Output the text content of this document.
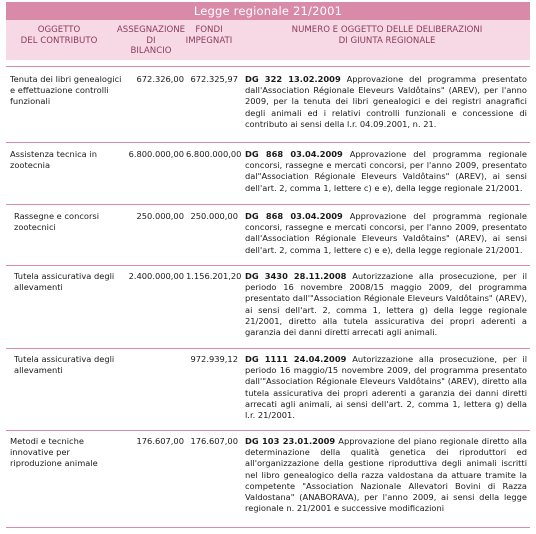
Legge regionale 21/2001
OGGETTO
DEL CONTRIBUTO
ASSEGNAZIONE
DI
BILANCIO
FONDI
IMPEGNATI
NUMERO E OGGETTO DELLE DELIBERAZIONI
DI GIUNTA REGIONALE
Tenuta dei libri genealogici e effettuazione controlli funzionali
672.326,00 672.325,97 DG 322 13.02.2009 Approvazione del programma presentato dall'Association Régionale Eleveurs Valdôtains" (AREV), per l'anno 2009, per la tenuta dei libri genealogici e dei registri anagrafici degli animali ed i relativi controlli funzionali e concessione di contributo ai sensi della l.r. 04.09.2001, n. 21.
Assistenza tecnica in zootecnia
6.800.000,00 6.800.000,00 DG 868 03.04.2009 Approvazione del programma regionale concorsi, rassegne e mercati concorsi, per l'anno 2009, presentato dal"Association Régionale Eleveurs Valdôtains" (AREV), ai sensi dell'art. 2, comma 1, lettere c) e e), della legge regionale 21/2001.
Rassegne e concorsi zootecnici
250.000,00 250.000,00 DG 868 03.04.2009 Approvazione del programma regionale concorsi, rassegne e mercati concorsi, per l'anno 2009, presentato dall'Association Régionale Eleveurs Valdôtains" (AREV), ai sensi dell'art. 2, comma 1, lettere c) e e), della legge regionale 21/2001.
Tutela assicurativa degli allevamenti
2.400.000,00 1.156.201,20 DG 3430 28.11.2008 Autorizzazione alla prosecuzione, per il periodo 16 novembre 2008/15 maggio 2009, del programma presentato dall'"Association Régionale Eleveurs Valdôtains" (AREV), ai sensi dell'art. 2, comma 1, lettera g) della legge regionale 21/2001, diretto alla tutela assicurativa dei propri aderenti a garanzia dei danni diretti arrecati agli animali.
Tutela assicurativa degli allevamenti
972.939,12 DG 1111 24.04.2009 Autorizzazione alla prosecuzione, per il periodo 16 maggio/15 novembre 2009, del programma presentato dall'"Association Régionale Eleveurs Valdôtains" (AREV), diretto alla tutela assicurativa dei propri aderenti a garanzia dei danni diretti arrecati agli animali, ai sensi dell'art. 2, comma 1, lettera g) della l.r. 21/2001.
Metodi e tecniche innovative per riproduzione animale
176.607,00 176.607,00 DG 103 23.01.2009 Approvazione del piano regionale diretto alla determinazione della qualità genetica dei riproduttori ed all'organizzazione della gestione riproduttiva degli animali iscritti nel libro genealogico della razza valdostana da attuare tramite la competente "Association Nazionale Allevatori Bovini di Razza Valdostana" (ANABORAVA), per l'anno 2009, ai sensi della legge regionale n. 21/2001 e successive modificazioni
